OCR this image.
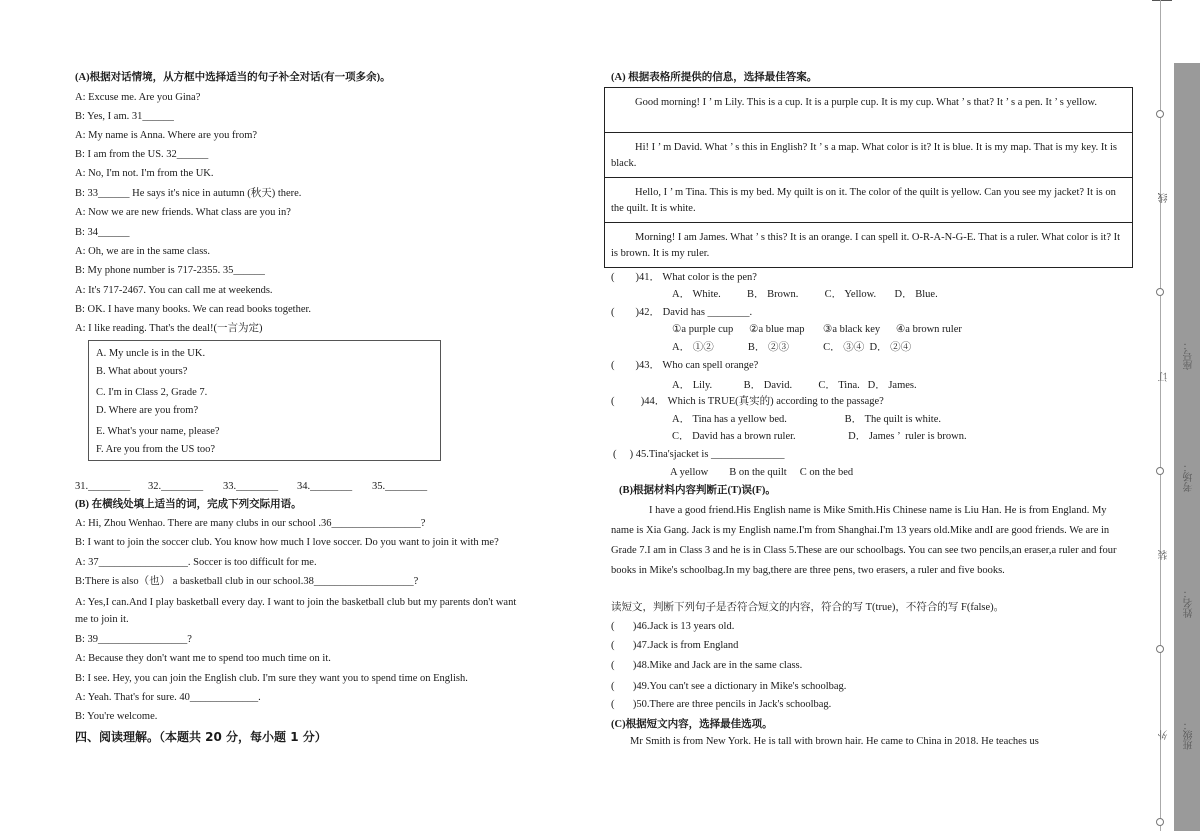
(A)根据对话情境，从方框中选择适当的句子补全对话(有一项多余)。
A: Excuse me. Are you Gina?
B: Yes, I am. 31______
A: My name is Anna. Where are you from?
B: I am from the US. 32______
A: No, I'm not. I'm from the UK.
B: 33______ He says it's nice in autumn (秋天) there.
A: Now we are new friends. What class are you in?
B: 34______
A: Oh, we are in the same class.
B: My phone number is 717-2355. 35______
A: It's 717-2467. You can call me at weekends.
B: OK. I have many books. We can read books together.
A: I like reading. That's the deal!(一言为定)
A. My uncle is in the UK.
B. What about yours?
C. I'm in Class 2, Grade 7.
D. Where are you from?
E. What's your name, please?
F. Are you from the US too?
31.________ 32.________ 33.________ 34.________ 35.________
(B) 在横线处填上适当的词，完成下列交际用语。
A: Hi, Zhou Wenhao. There are many clubs in our school .36_________________?
B: I want to join the soccer club. You know how much I love soccer. Do you want to join it with me?
A: 37_________________. Soccer is too difficult for me.
B:There is also（也） a basketball club in our school.38___________________?
A: Yes,I can.And I play basketball every day. I want to join the basketball club but my parents don't want
me to join it.
B: 39_________________?
A: Because they don't want me to spend too much time on it.
B: I see. Hey, you can join the English club. I'm sure they want you to spend time on English.
A: Yeah. That's for sure. 40_____________.
B: You're welcome.
四、阅读理解。（本题共 20 分，每小题 1 分）
(A) 根据表格所提供的信息，选择最佳答案。
Good morning! I ’ m Lily. This is a cup. It is a purple cup. It is my cup. What ’ s that? It ’ s a pen. It ’ s yellow.
Hi! I ’ m David. What ’ s this in English? It ’ s a map. What color is it? It is blue. It is my map. That is my key. It is black.
Hello, I ’ m Tina. This is my bed. My quilt is on it. The color of the quilt is yellow. Can you see my jacket? It is on the quilt. It is white.
Morning! I am James. What ’ s this? It is an orange. I can spell it. O-R-A-N-G-E. That is a ruler. What color is it? It is brown. It is my ruler.
(        )41． What color is the pen?
A． White.          B． Brown.          C． Yellow.       D． Blue.
(        )42． David has ________.
①a purple cup      ②a blue map       ③a black key      ④a brown ruler
A． ①②             B． ②③             C． ③④  D． ②④
(        )43． Who can spell orange?
A． Lily.            B． David.          C． Tina.   D． James.
(          )44． Which is TRUE(真实的) according to the passage?
A． Tina has a yellow bed.                      B． The quilt is white.
C． David has a brown ruler.                    D． James ’  ruler is brown.
(     ) 45.Tina'sjacket is ______________
A yellow        B on the quilt     C on the bed
(B)根据材料内容判断正(T)误(F)。
I have a good friend.His English name is Mike Smith.His Chinese name is Liu Han. He is from England. My name is Xia Gang. Jack is my English name.I'm from Shanghai.I'm 13 years old.Mike andI are good friends. We are in Grade 7.I am in Class 3 and he is in Class 5.These are our schoolbags. You can see two pencils,an eraser,a ruler and four books in Mike's schoolbag.In my bag,there are three pens, two erasers, a ruler and five books.
读短文，判断下列句子是否符合短文的内容，符合的写 T(true)，不符合的写 F(false)。
(       )46.Jack is 13 years old.
(       )47.Jack is from England
(       )48.Mike and Jack are in the same class.
(       )49.You can't see a dictionary in Mike's schoolbag.
(       )50.There are three pencils in Jack's schoolbag.
(C)根据短文内容，选择最佳选项。
Mr Smith is from New York. He is tall with brown hair. He came to China in 2018. He teaches us
线
座号：
订
考场：
装
姓名：
外 班级：
